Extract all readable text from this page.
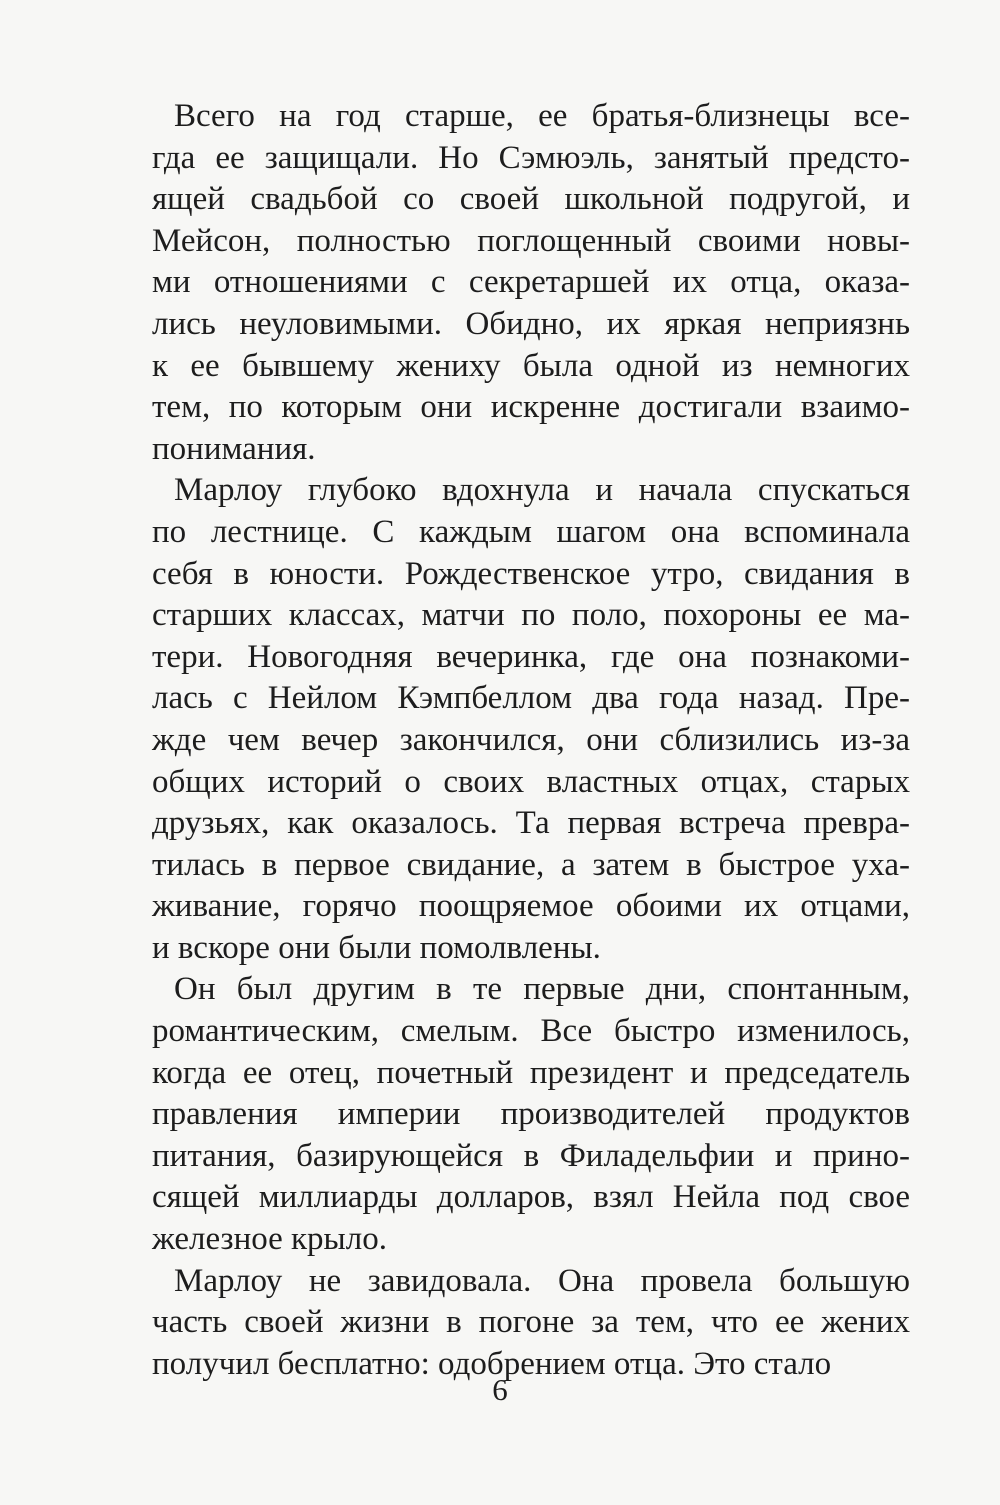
Всего на год старше, ее братья-близнецы все-
гда ее защищали. Но Сэмюэль, занятый предсто-
ящей свадьбой со своей школьной подругой, и
Мейсон, полностью поглощенный своими новы-
ми отношениями с секретаршей их отца, оказа-
лись неуловимыми. Обидно, их яркая неприязнь
к ее бывшему жениху была одной из немногих
тем, по которым они искренне достигали взаимо-
понимания.
Марлоу глубоко вдохнула и начала спускаться
по лестнице. С каждым шагом она вспоминала
себя в юности. Рождественское утро, свидания в
старших классах, матчи по поло, похороны ее ма-
тери. Новогодняя вечеринка, где она познакоми-
лась с Нейлом Кэмпбеллом два года назад. Пре-
жде чем вечер закончился, они сблизились из-за
общих историй о своих властных отцах, старых
друзьях, как оказалось. Та первая встреча превра-
тилась в первое свидание, а затем в быстрое уха-
живание, горячо поощряемое обоими их отцами,
и вскоре они были помолвлены.
Он был другим в те первые дни, спонтанным,
романтическим, смелым. Все быстро изменилось,
когда ее отец, почетный президент и председатель
правления империи производителей продуктов
питания, базирующейся в Филадельфии и прино-
сящей миллиарды долларов, взял Нейла под свое
железное крыло.
Марлоу не завидовала. Она провела большую
часть своей жизни в погоне за тем, что ее жених
получил бесплатно: одобрением отца. Это стало
6
